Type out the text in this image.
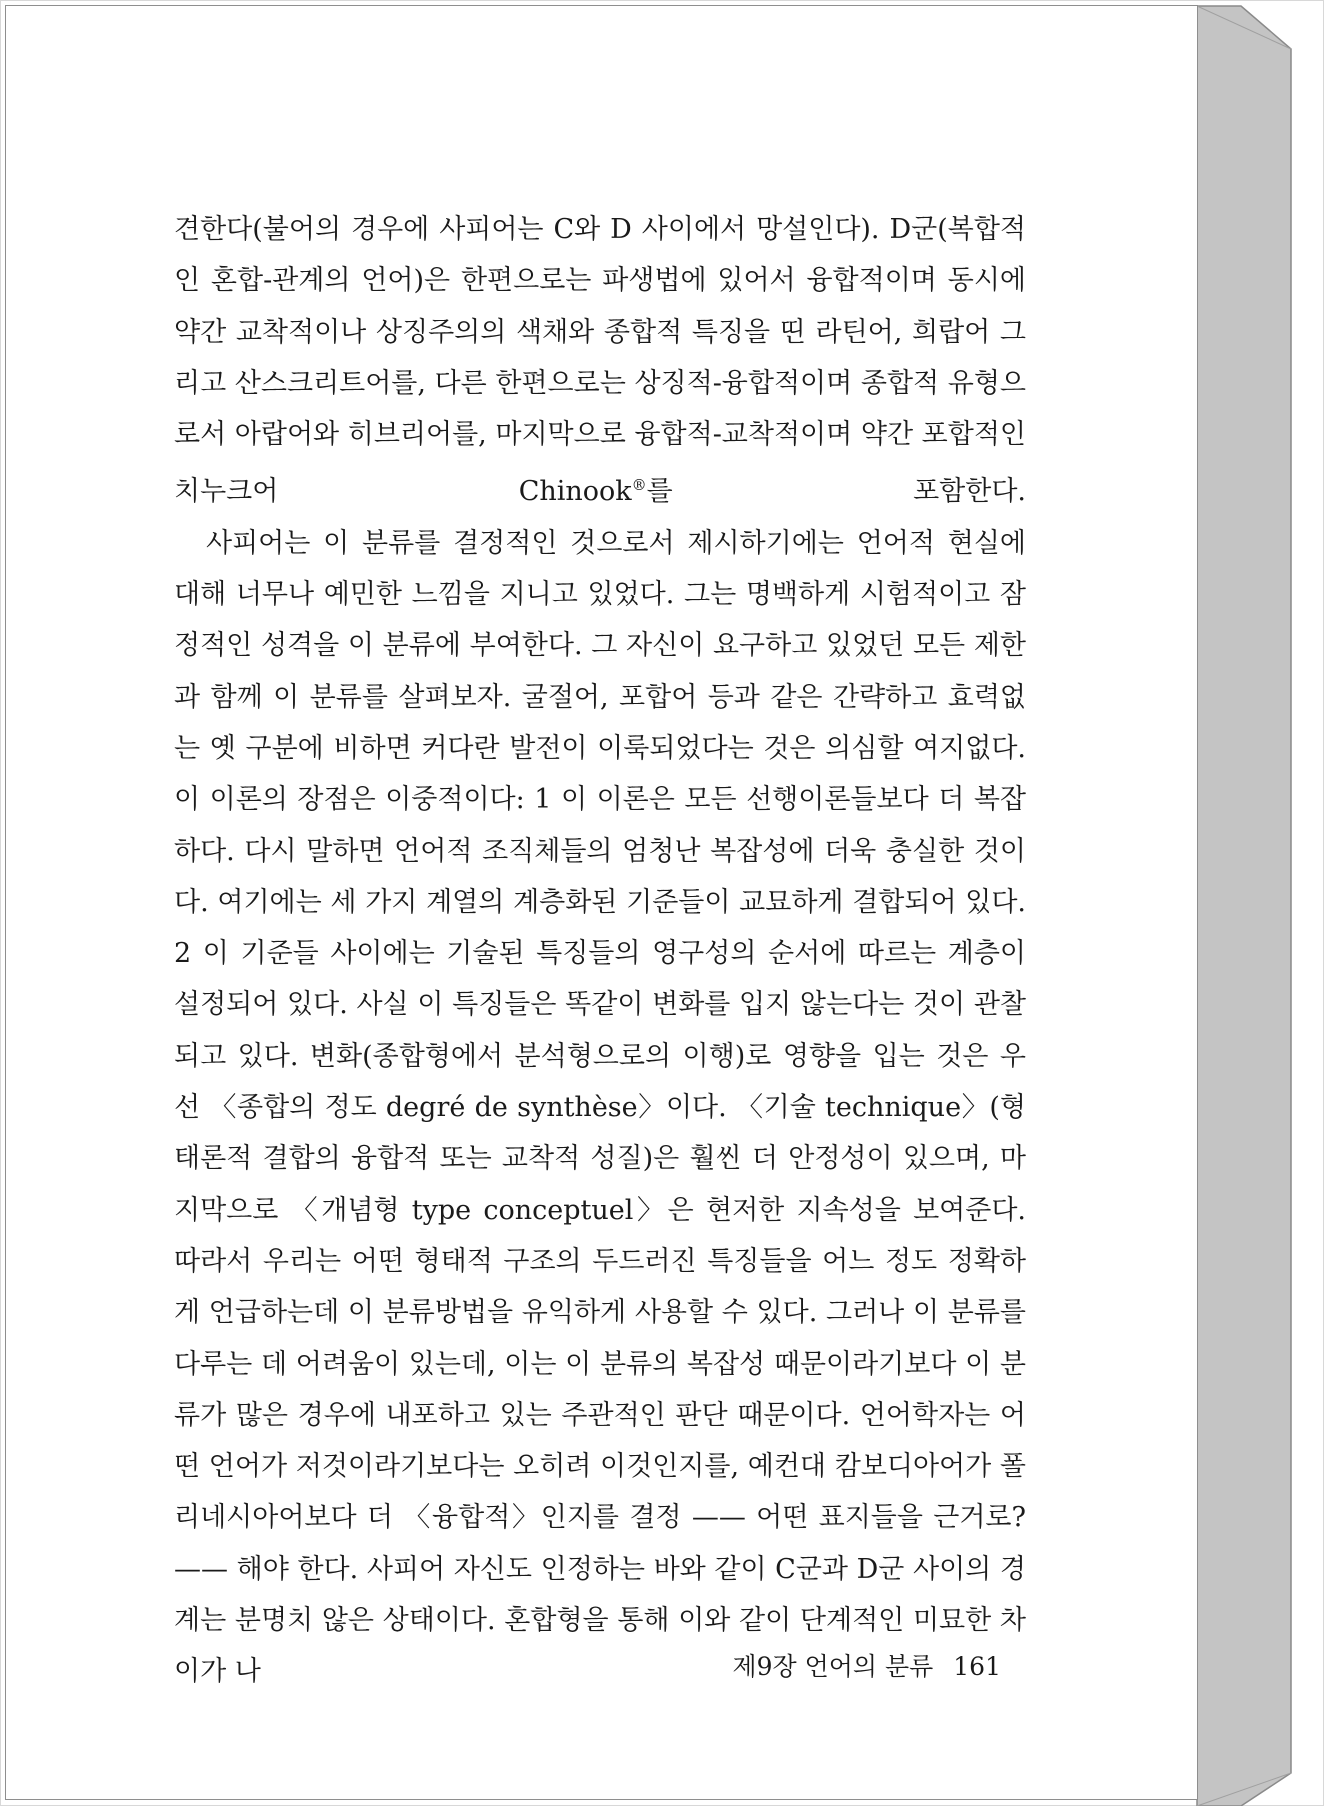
견한다(불어의 경우에 사피어는 C와 D 사이에서 망설인다). D군(복합적인 혼합-관계의 언어)은 한편으로는 파생법에 있어서 융합적이며 동시에 약간 교착적이나 상징주의의 색채와 종합적 특징을 띤 라틴어, 희랍어 그리고 산스크리트어를, 다른 한편으로는 상징적-융합적이며 종합적 유형으로서 아랍어와 히브리어를, 마지막으로 융합적-교착적이며 약간 포합적인 치누크어 Chinook®를 포함한다.

사피어는 이 분류를 결정적인 것으로서 제시하기에는 언어적 현실에 대해 너무나 예민한 느낌을 지니고 있었다. 그는 명백하게 시험적이고 잠정적인 성격을 이 분류에 부여한다. 그 자신이 요구하고 있었던 모든 제한과 함께 이 분류를 살펴보자. 굴절어, 포합어 등과 같은 간략하고 효력없는 옛 구분에 비하면 커다란 발전이 이룩되었다는 것은 의심할 여지없다. 이 이론의 장점은 이중적이다: 1 이 이론은 모든 선행이론들보다 더 복잡하다. 다시 말하면 언어적 조직체들의 엄청난 복잡성에 더욱 충실한 것이다. 여기에는 세 가지 계열의 계층화된 기준들이 교묘하게 결합되어 있다. 2 이 기준들 사이에는 기술된 특징들의 영구성의 순서에 따르는 계층이 설정되어 있다. 사실 이 특징들은 똑같이 변화를 입지 않는다는 것이 관찰되고 있다. 변화(종합형에서 분석형으로의 이행)로 영향을 입는 것은 우선 〈종합의 정도 degré de synthèse〉이다. 〈기술 technique〉(형태론적 결합의 융합적 또는 교착적 성질)은 훨씬 더 안정성이 있으며, 마지막으로 〈개념형 type conceptuel〉은 현저한 지속성을 보여준다. 따라서 우리는 어떤 형태적 구조의 두드러진 특징들을 어느 정도 정확하게 언급하는데 이 분류방법을 유익하게 사용할 수 있다. 그러나 이 분류를 다루는 데 어려움이 있는데, 이는 이 분류의 복잡성 때문이라기보다 이 분류가 많은 경우에 내포하고 있는 주관적인 판단 때문이다. 언어학자는 어떤 언어가 저것이라기보다는 오히려 이것인지를, 예컨대 캄보디아어가 폴리네시아어보다 더 〈융합적〉인지를 결정 —— 어떤 표지들을 근거로? —— 해야 한다. 사피어 자신도 인정하는 바와 같이 C군과 D군 사이의 경계는 분명치 않은 상태이다. 혼합형을 통해 이와 같이 단계적인 미묘한 차이가 나	제9장 언어의 분류 161
